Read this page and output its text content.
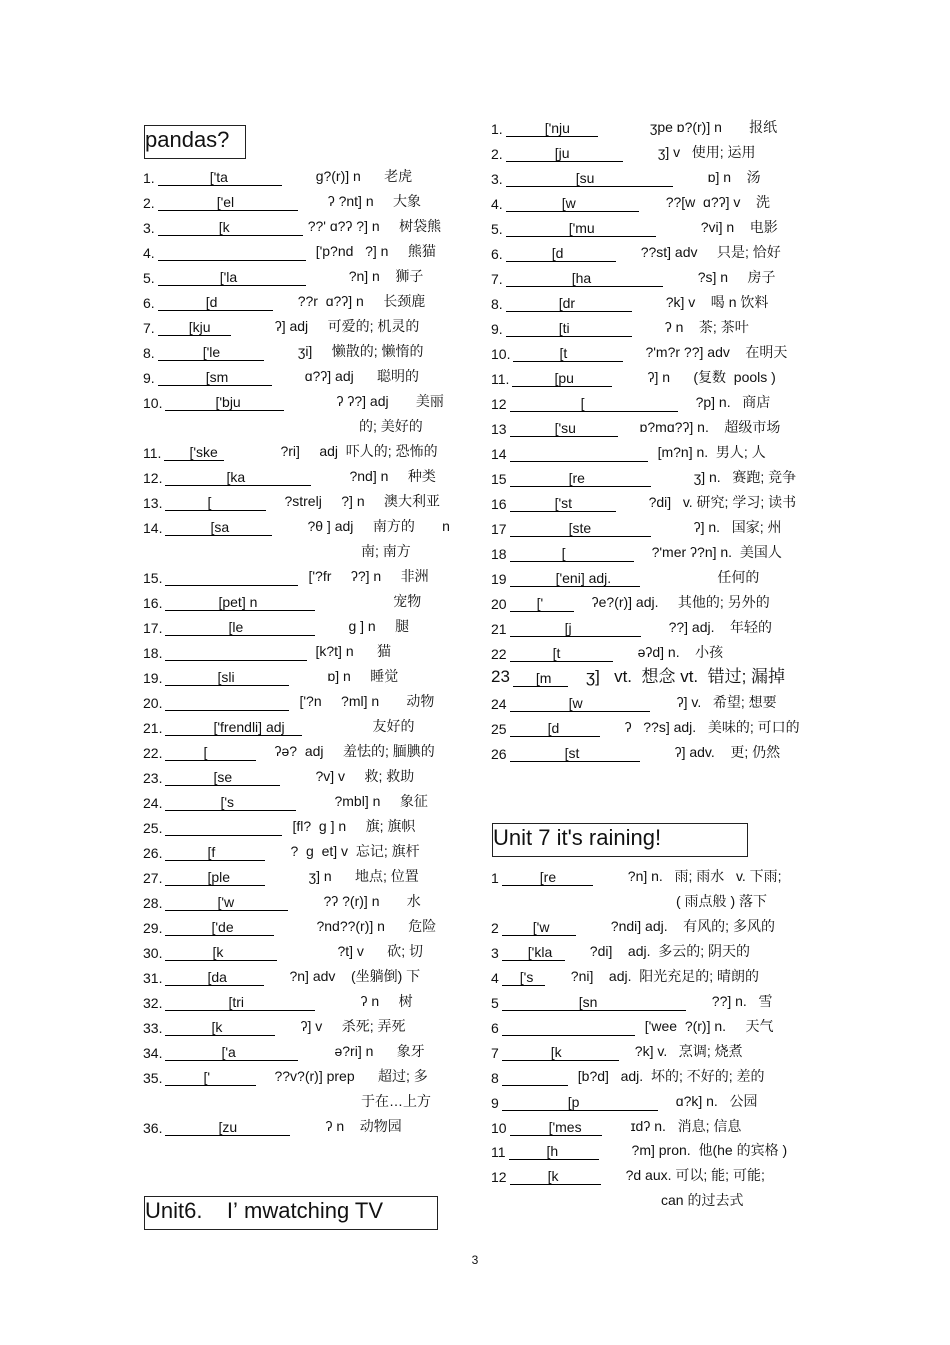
pandas?
1.	['ta	ɡ?(r)] n      老虎
2.	['el	ʔ ?nt] n     大象
3.	[k	??' ɑ?ʔ ?] n     树袋熊
4.	['p?nd   ?] n     熊猫
5.	['la	?n] n    狮子
6.	[d	??r  ɑ?ʔ] n     长颈鹿
7.	[kju	ʔ] adj     可爱的; 机灵的
8.	['le	ʒi]     懒散的; 懒惰的
9.	[sm	ɑ?ʔ] adj      聪明的
10.	['bju	ʔ ʔ?] adj       美丽
的; 美好的
11.	['ske	?ri]     adj  吓人的; 恐怖的
12.	[ka	?nd] n     种类
13.	[	?strelj     ?] n     澳大利亚
14.	[sa	?θ ] adj     南方的       n
南; 南方
15.	['?fr     ʔ?] n     非洲
16.	[pet] n	宠物
17.	[le	ɡ ] n     腿
18.	[k?t] n      猫
19.	[sli	ɒ] n     睡觉
20.	['?n     ?ml] n       动物
21.	['frendli] adj	友好的
22.	[	ʔə?  adj     羞怯的; 腼腆的
23.	[se	?v] v     救; 救助
24.	['s	?mbl] n     象征
25.	[fl?  ɡ ] n     旗; 旗帜
26.	[f	?  ɡ  et] v  忘记; 旗杆
27.	[ple	ʒ] n      地点; 位置
28.	['w	?ʔ ?(r)] n       水
29.	['de	?nd??(r)] n      危险
30.	[k	?t] v      砍; 切
31.	[da	?n] adv    (坐躺倒) 下
32.	[tri	ʔ n     树
33.	[k	ʔ] v     杀死; 弄死
34.	['a	ə?ri] n      象牙
35.	['	??v?(r)] prep      超过; 多
于在…上方
36.	[zu	ʔ n    动物园
Unit6.    I’ mwatching TV
1.	['nju	ʒpe ɒ?(r)] n       报纸
2.	[ju	ʒ] v   使用; 运用
3.	[su	ɒ] n    汤
4.	[w	??[w  ɑ?ʔ] v    洗
5.	['mu	?vi] n    电影
6.	[d	??st] adv     只是; 恰好
7.	[ha	?s] n     房子
8.	[dr	?k] v    喝 n 饮料
9.	[ti	ʔ n    茶; 茶叶
10.	[t	?'m?r ??] adv    在明天
11.	[pu	ʔ] n      (复数  pools )
12	[	?p] n.   商店
13	['su	ɒ?mɑ?ʔ] n.    超级市场
14	[m?n] n.  男人; 人
15	[re	ʒ] n.   赛跑; 竞争
16	['st	?di]   v. 研究; 学习; 读书
17	[ste	ʔ] n.   国家; 州
18	[	?'mer ʔ?n] n.  美国人
19	['eni] adj.	任何的
20	['	ʔe?(r)] adj.     其他的; 另外的
21	[j	??] adj.    年轻的
22	[t	əʔd] n.    小孩
23	[m	ʒ]   vt.  想念 vt.  错过; 漏掉
24	[w	ʔ] v.   希望; 想要
25	[d	ʔ   ??s] adj.   美味的; 可口的
26	[st	ʔ] adv.    更; 仍然
Unit 7 it's raining!
1	[re	?n] n.   雨; 雨水   v. 下雨;
( 雨点般 ) 落下
2	['w	?ndi] adj.    有风的; 多风的
3	['kla	?di]    adj.  多云的; 阴天的
4	['s	?ni]    adj.  阳光充足的; 晴朗的
5	[sn	??] n.   雪
6	['wee  ?(r)] n.     天气
7	[k	?k] v.   烹调; 烧煮
8	[b?d]   adj.  坏的; 不好的; 差的
9	[p	ɑ?k] n.   公园
10	['mes	ɪdʔ n.   消息; 信息
11	[h	?m] pron.  他(he 的宾格 )
12	[k	?d aux. 可以; 能; 可能;
can 的过去式
3
